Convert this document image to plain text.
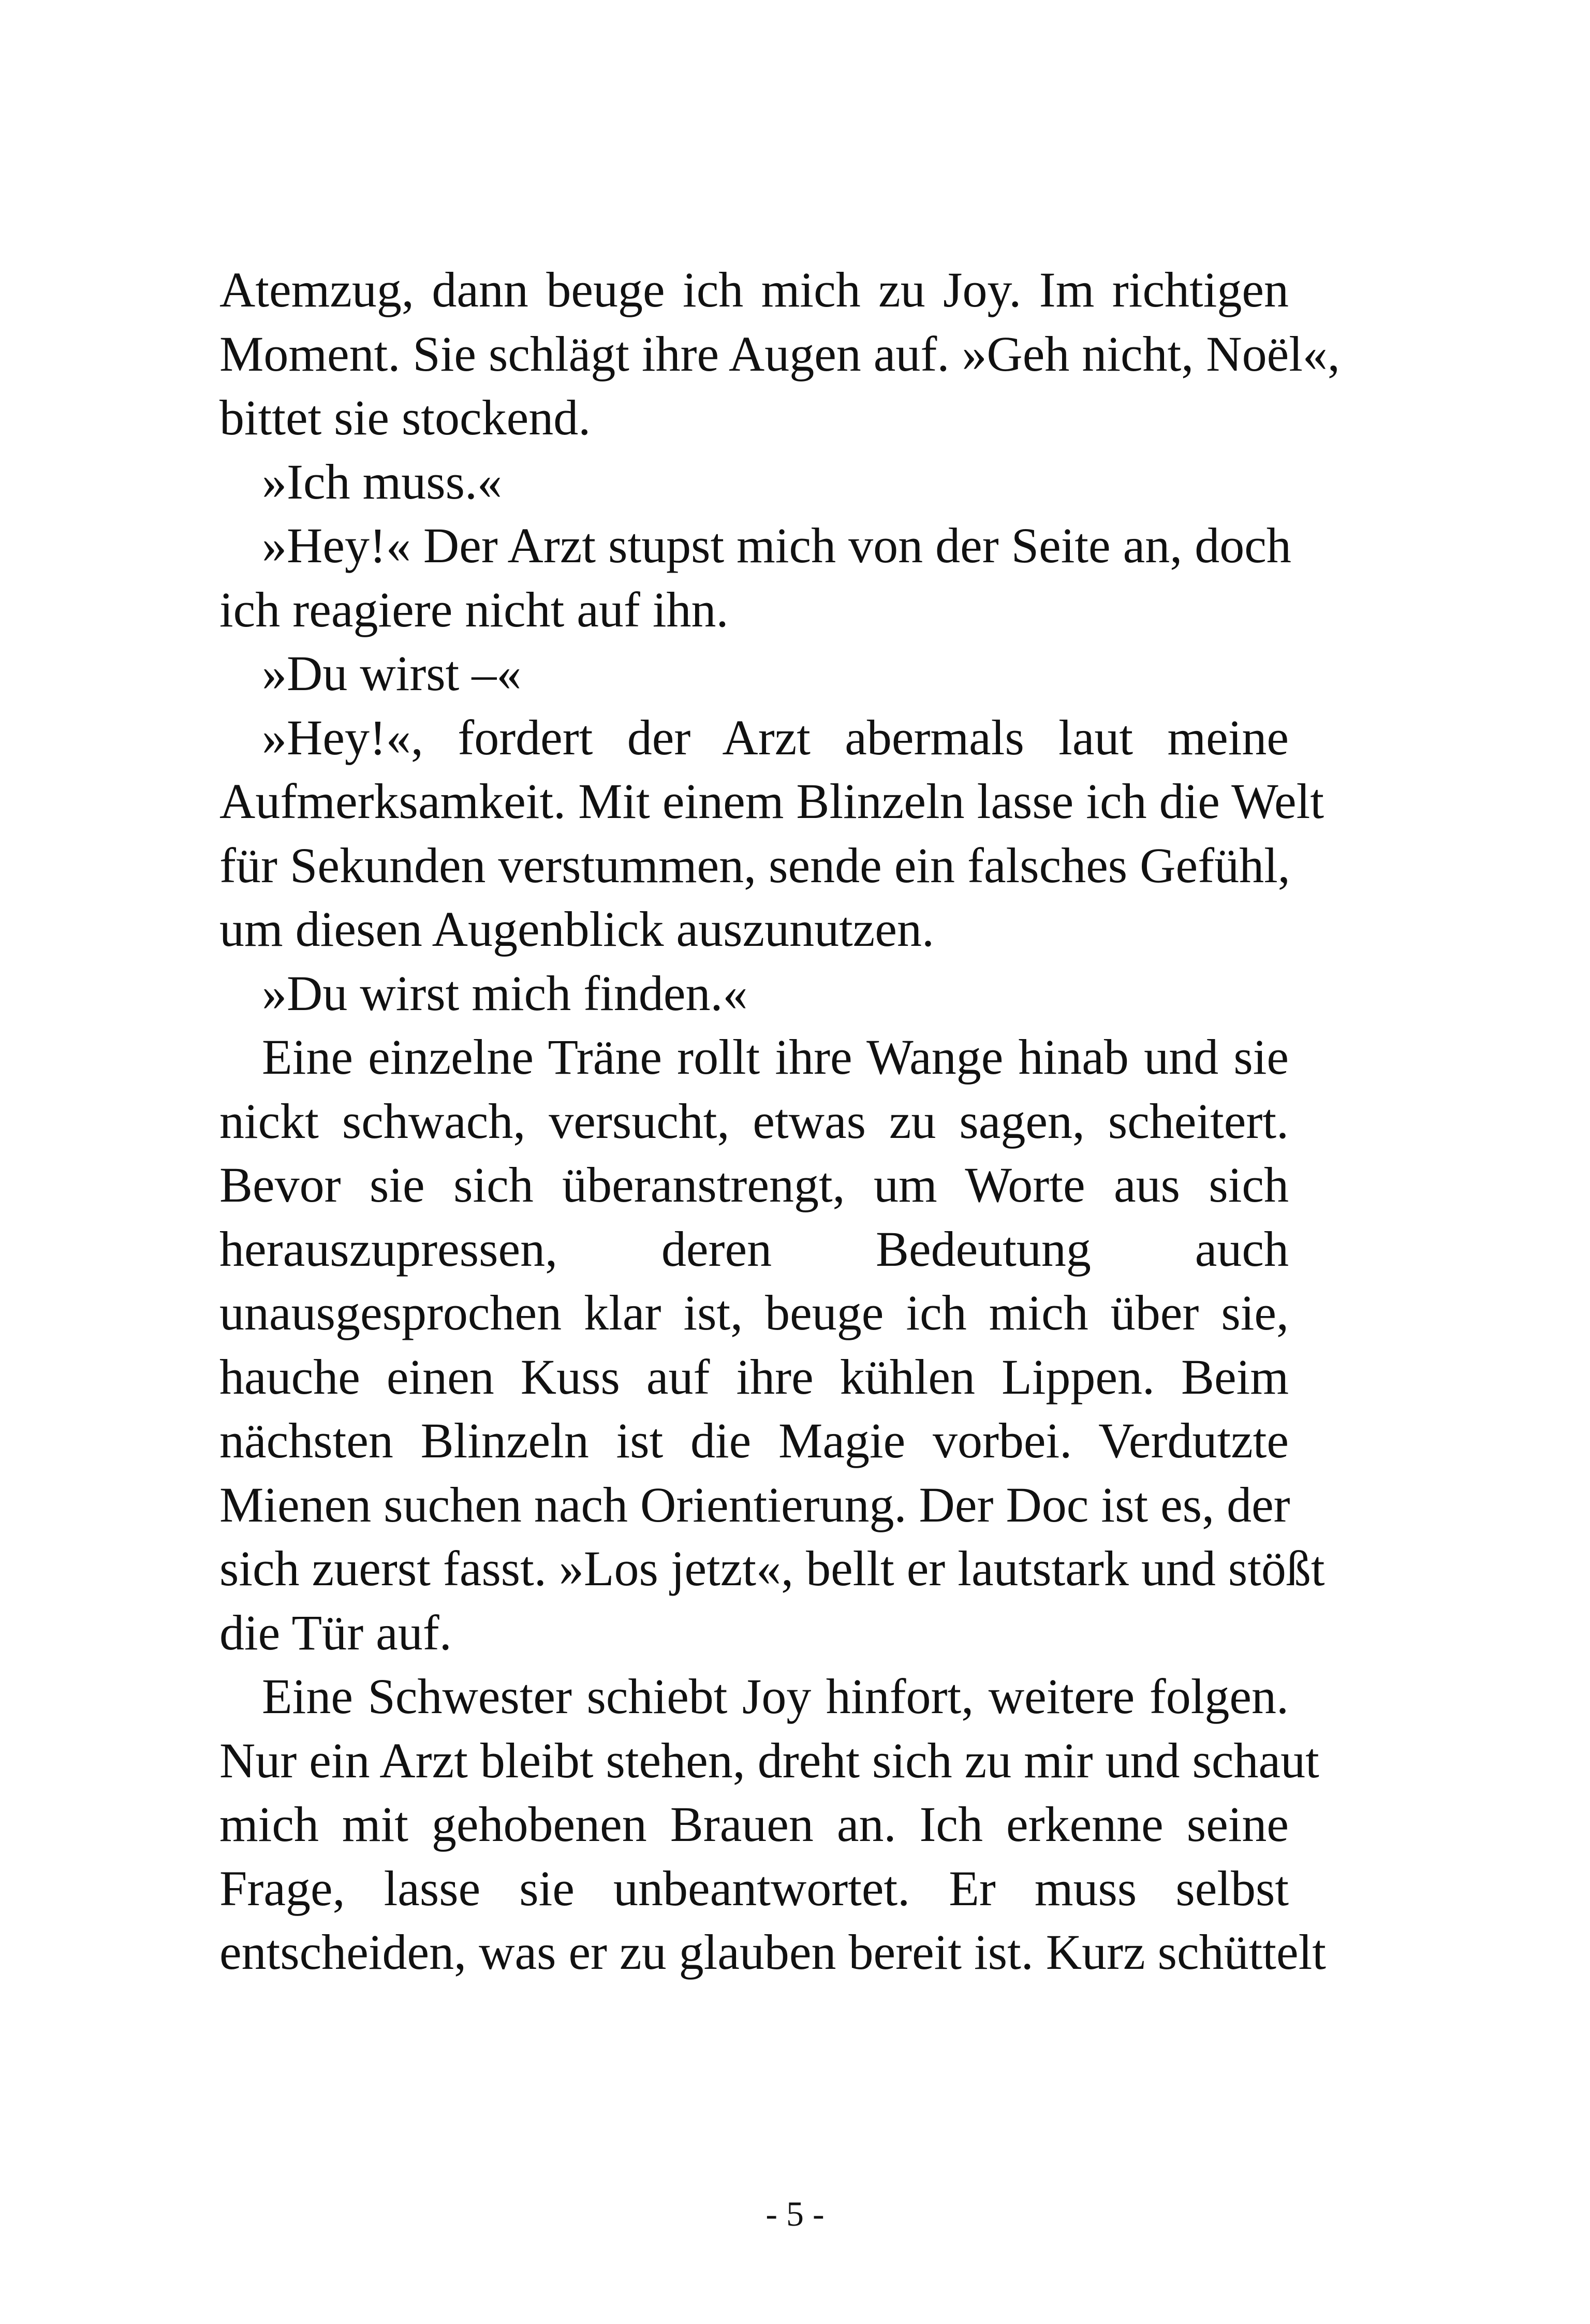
Atemzug, dann beuge ich mich zu Joy. Im richtigen
Moment. Sie schlägt ihre Augen auf. »Geh nicht, Noël«,
bittet sie stockend.
»Ich muss.«
»Hey!« Der Arzt stupst mich von der Seite an, doch
ich reagiere nicht auf ihn.
»Du wirst –«
»Hey!«, fordert der Arzt abermals laut meine
Aufmerksamkeit. Mit einem Blinzeln lasse ich die Welt
für Sekunden verstummen, sende ein falsches Gefühl,
um diesen Augenblick auszunutzen.
»Du wirst mich finden.«
Eine einzelne Träne rollt ihre Wange hinab und sie
nickt schwach, versucht, etwas zu sagen, scheitert.
Bevor sie sich überanstrengt, um Worte aus sich
herauszupressen, deren Bedeutung auch
unausgesprochen klar ist, beuge ich mich über sie,
hauche einen Kuss auf ihre kühlen Lippen. Beim
nächsten Blinzeln ist die Magie vorbei. Verdutzte
Mienen suchen nach Orientierung. Der Doc ist es, der
sich zuerst fasst. »Los jetzt«, bellt er lautstark und stößt
die Tür auf.
Eine Schwester schiebt Joy hinfort, weitere folgen.
Nur ein Arzt bleibt stehen, dreht sich zu mir und schaut
mich mit gehobenen Brauen an. Ich erkenne seine
Frage, lasse sie unbeantwortet. Er muss selbst
entscheiden, was er zu glauben bereit ist. Kurz schüttelt
- 5 -
